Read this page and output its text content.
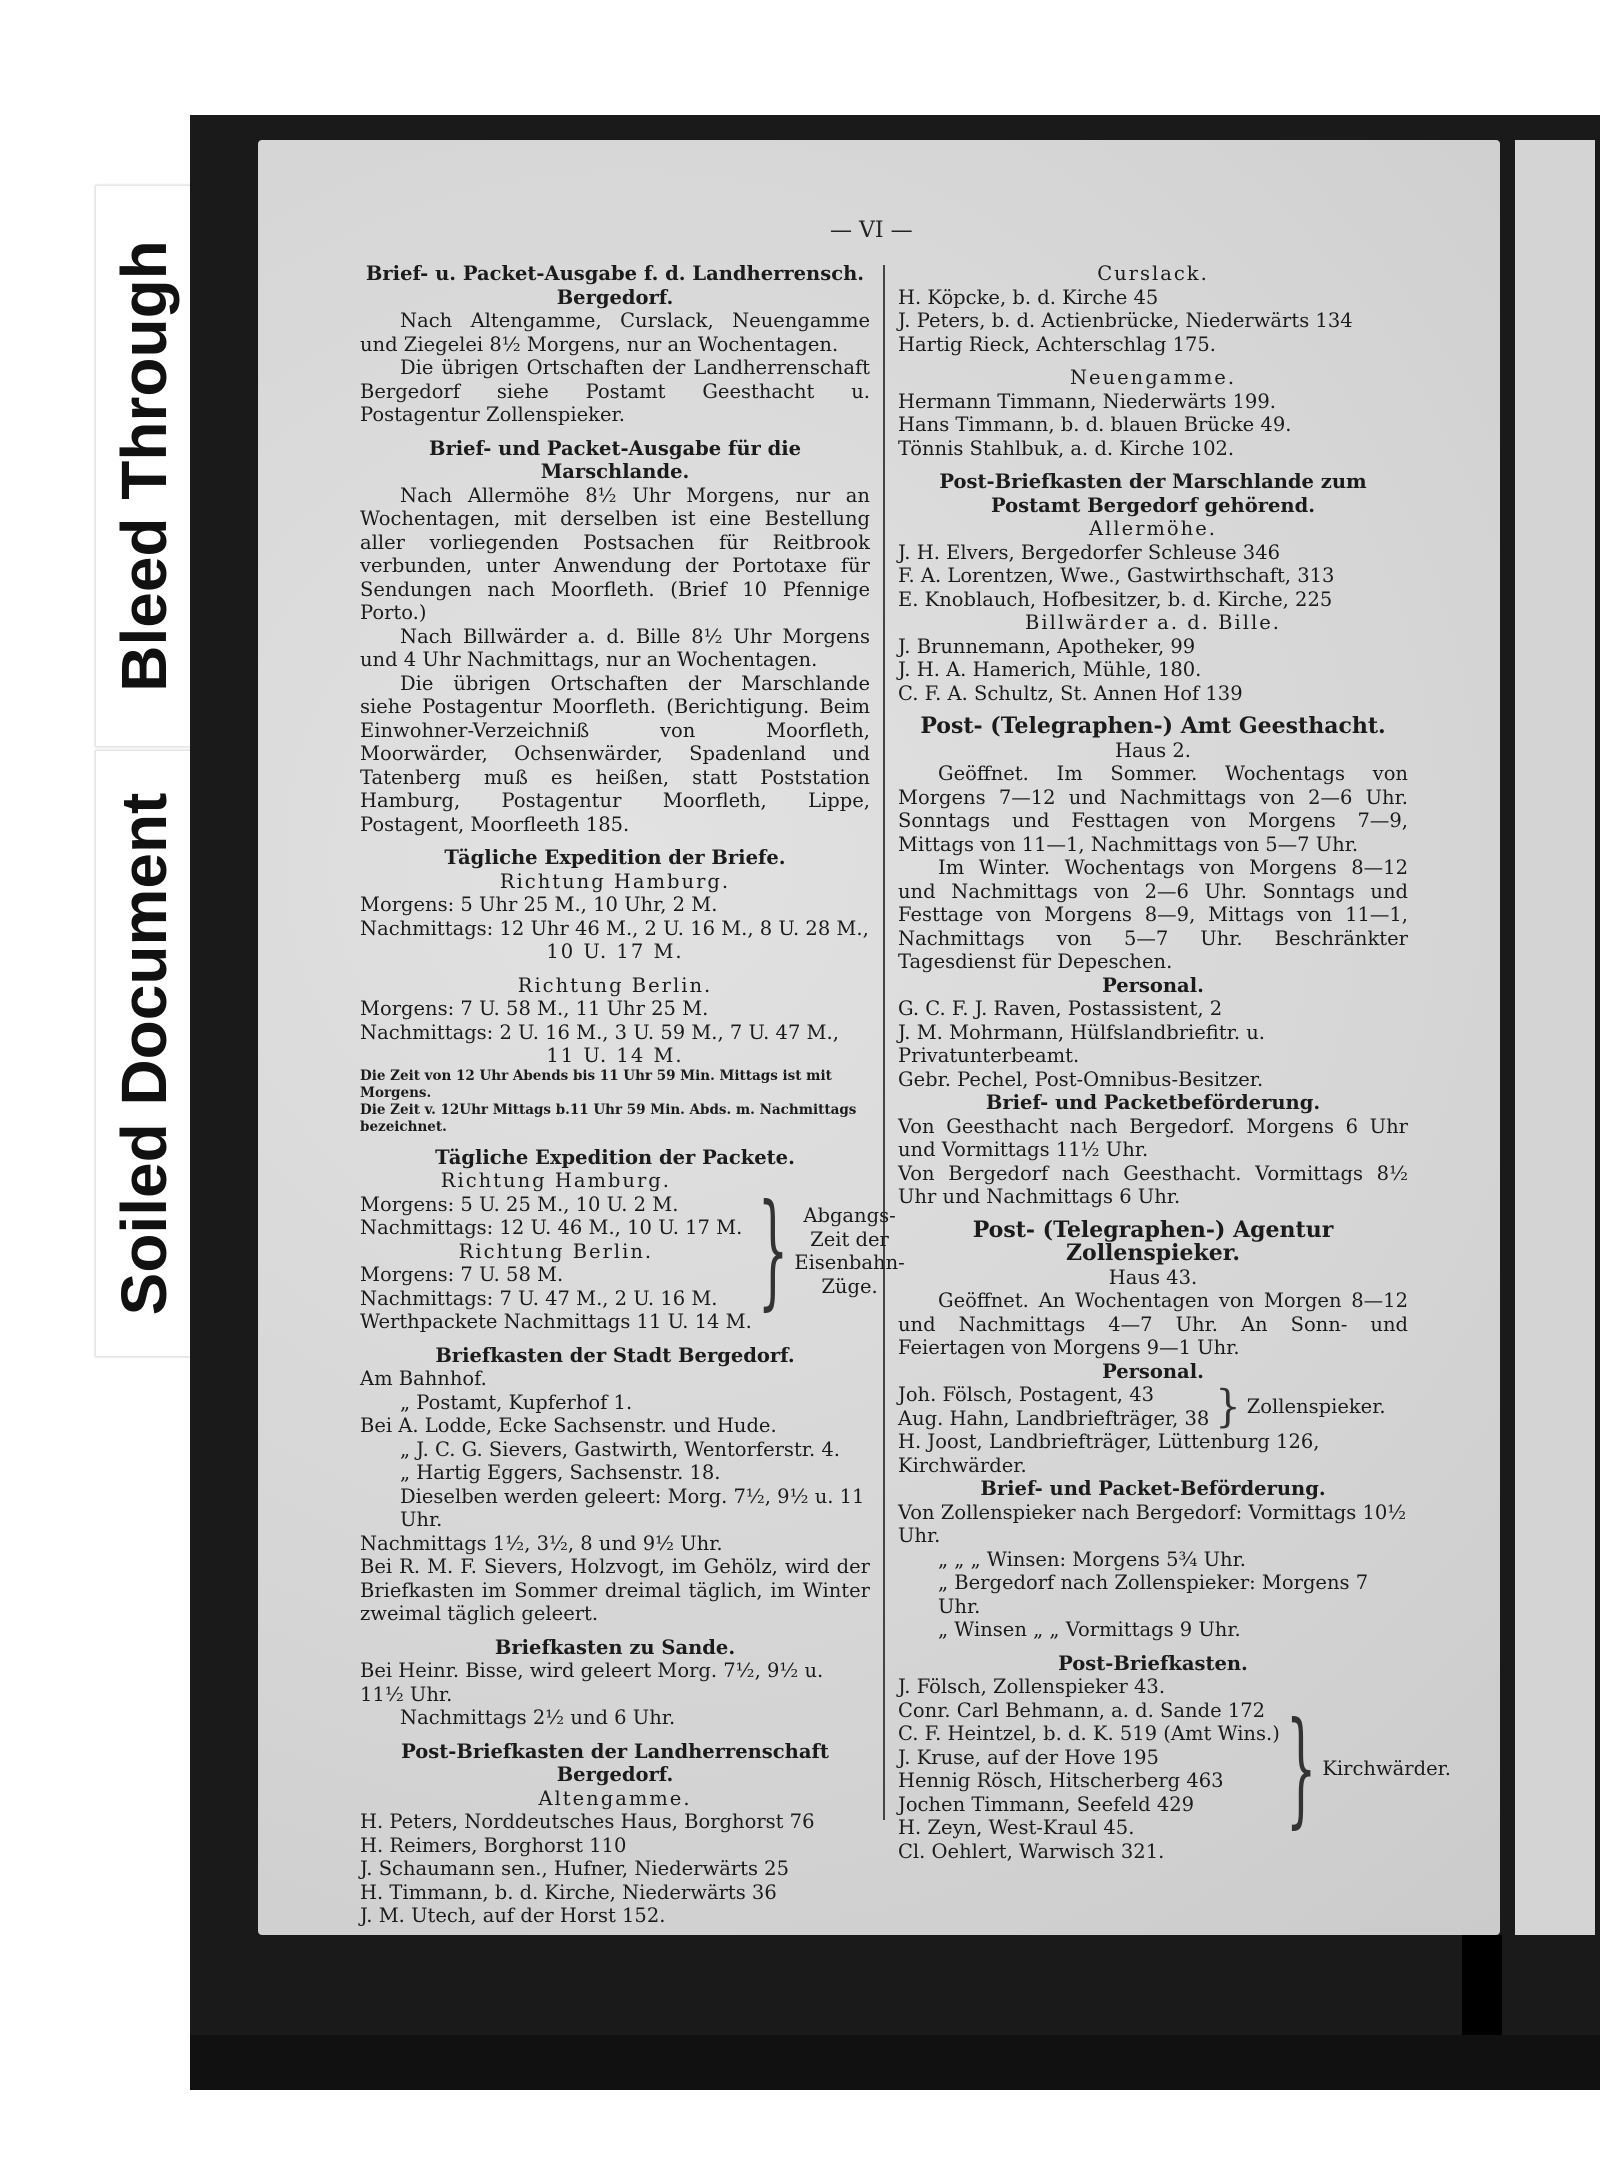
Bleed Through
Soiled Document
— VI —

Brief- u. Packet-Ausgabe f. d. Landherrensch. Bergedorf.

Nach Altengamme, Curslack, Neuengamme und Ziegelei 8½ Morgens, nur an Wochentagen.

Die übrigen Ortschaften der Landherrenschaft Bergedorf siehe Postamt Geesthacht u. Postagentur Zollenspieker.

Brief- und Packet-Ausgabe für die Marschlande.

Nach Allermöhe 8½ Uhr Morgens, nur an Wochentagen, mit derselben ist eine Bestellung aller vorliegenden Postsachen für Reitbrook verbunden, unter Anwendung der Portotaxe für Sendungen nach Moorfleth. (Brief 10 Pfennige Porto.)

Nach Billwärder a. d. Bille 8½ Uhr Morgens und 4 Uhr Nachmittags, nur an Wochentagen.

Die übrigen Ortschaften der Marschlande siehe Postagentur Moorfleth. (Berichtigung. Beim Einwohner-Verzeichniß von Moorfleth, Moorwärder, Ochsenwärder, Spadenland und Tatenberg muß es heißen, statt Poststation Hamburg, Postagentur Moorfleth, Lippe, Postagent, Moorfleeth 185.

Tägliche Expedition der Briefe.

Richtung Hamburg.

Morgens: 5 Uhr 25 M., 10 Uhr, 2 M.

Nachmittags: 12 Uhr 46 M., 2 U. 16 M., 8 U. 28 M.,

10 U. 17 M.

Richtung Berlin.

Morgens: 7 U. 58 M., 11 Uhr 25 M.

Nachmittags: 2 U. 16 M., 3 U. 59 M., 7 U. 47 M.,

11 U. 14 M.

Die Zeit von 12 Uhr Abends bis 11 Uhr 59 Min. Mittags ist mit Morgens.

Die Zeit v. 12Uhr Mittags b.11 Uhr 59 Min. Abds. m. Nachmittags bezeichnet.

Tägliche Expedition der Packete.

Richtung Hamburg.

Morgens: 5 U. 25 M., 10 U. 2 M.

Nachmittags: 12 U. 46 M., 10 U. 17 M.

Richtung Berlin.

Morgens: 7 U. 58 M.

Nachmittags: 7 U. 47 M., 2 U. 16 M.

Werthpackete Nachmittags 11 U. 14 M. } Abgangs-

Zeit der

Eisenbahn-

Züge.

Briefkasten der Stadt Bergedorf.

Am Bahnhof.

„ Postamt, Kupferhof 1.

Bei A. Lodde, Ecke Sachsenstr. und Hude.

„ J. C. G. Sievers, Gastwirth, Wentorferstr. 4.

„ Hartig Eggers, Sachsenstr. 18.

Dieselben werden geleert: Morg. 7½, 9½ u. 11 Uhr.

Nachmittags 1½, 3½, 8 und 9½ Uhr.

Bei R. M. F. Sievers, Holzvogt, im Gehölz, wird der Briefkasten im Sommer dreimal täglich, im Winter zweimal täglich geleert.

Briefkasten zu Sande.

Bei Heinr. Bisse, wird geleert Morg. 7½, 9½ u. 11½ Uhr.

Nachmittags 2½ und 6 Uhr.

Post-Briefkasten der Landherrenschaft Bergedorf.

Altengamme.

H. Peters, Norddeutsches Haus, Borghorst 76

H. Reimers, Borghorst 110

J. Schaumann sen., Hufner, Niederwärts 25

H. Timmann, b. d. Kirche, Niederwärts 36

J. M. Utech, auf der Horst 152.

Curslack.

H. Köpcke, b. d. Kirche 45

J. Peters, b. d. Actienbrücke, Niederwärts 134

Hartig Rieck, Achterschlag 175.

Neuengamme.

Hermann Timmann, Niederwärts 199.

Hans Timmann, b. d. blauen Brücke 49.

Tönnis Stahlbuk, a. d. Kirche 102.

Post-Briefkasten der Marschlande zum Postamt Bergedorf gehörend.

Allermöhe.

J. H. Elvers, Bergedorfer Schleuse 346

F. A. Lorentzen, Wwe., Gastwirthschaft, 313

E. Knoblauch, Hofbesitzer, b. d. Kirche, 225

Billwärder a. d. Bille.

J. Brunnemann, Apotheker, 99

J. H. A. Hamerich, Mühle, 180.

C. F. A. Schultz, St. Annen Hof 139

Post- (Telegraphen-) Amt Geesthacht.

Haus 2.

Geöffnet. Im Sommer. Wochentags von Morgens 7—12 und Nachmittags von 2—6 Uhr. Sonntags und Festtagen von Morgens 7—9, Mittags von 11—1, Nachmittags von 5—7 Uhr.

Im Winter. Wochentags von Morgens 8—12 und Nachmittags von 2—6 Uhr. Sonntags und Festtage von Morgens 8—9, Mittags von 11—1, Nachmittags von 5—7 Uhr. Beschränkter Tagesdienst für Depeschen.

Personal.

G. C. F. J. Raven, Postassistent, 2

J. M. Mohrmann, Hülfslandbriefitr. u. Privatunterbeamt.

Gebr. Pechel, Post-Omnibus-Besitzer.

Brief- und Packetbeförderung.

Von Geesthacht nach Bergedorf. Morgens 6 Uhr und Vormittags 11½ Uhr.

Von Bergedorf nach Geesthacht. Vormittags 8½ Uhr und Nachmittags 6 Uhr.

Post- (Telegraphen-) Agentur Zollenspieker.

Haus 43.

Geöffnet. An Wochentagen von Morgen 8—12 und Nachmittags 4—7 Uhr. An Sonn- und Feiertagen von Morgens 9—1 Uhr.

Personal.

Joh. Fölsch, Postagent, 43

Aug. Hahn, Landbriefträger, 38 } Zollenspieker.

H. Joost, Landbriefträger, Lüttenburg 126, Kirchwärder.

Brief- und Packet-Beförderung.

Von Zollenspieker nach Bergedorf: Vormittags 10½ Uhr.

„ „ „ Winsen: Morgens 5¾ Uhr.

„ Bergedorf nach Zollenspieker: Morgens 7 Uhr.

„ Winsen „ „ Vormittags 9 Uhr.

Post-Briefkasten.

J. Fölsch, Zollenspieker 43.

Conr. Carl Behmann, a. d. Sande 172

C. F. Heintzel, b. d. K. 519 (Amt Wins.)

J. Kruse, auf der Hove 195

Hennig Rösch, Hitscherberg 463

Jochen Timmann, Seefeld 429

H. Zeyn, West-Kraul 45.

Cl. Oehlert, Warwisch 321.

} Kirchwärder.
